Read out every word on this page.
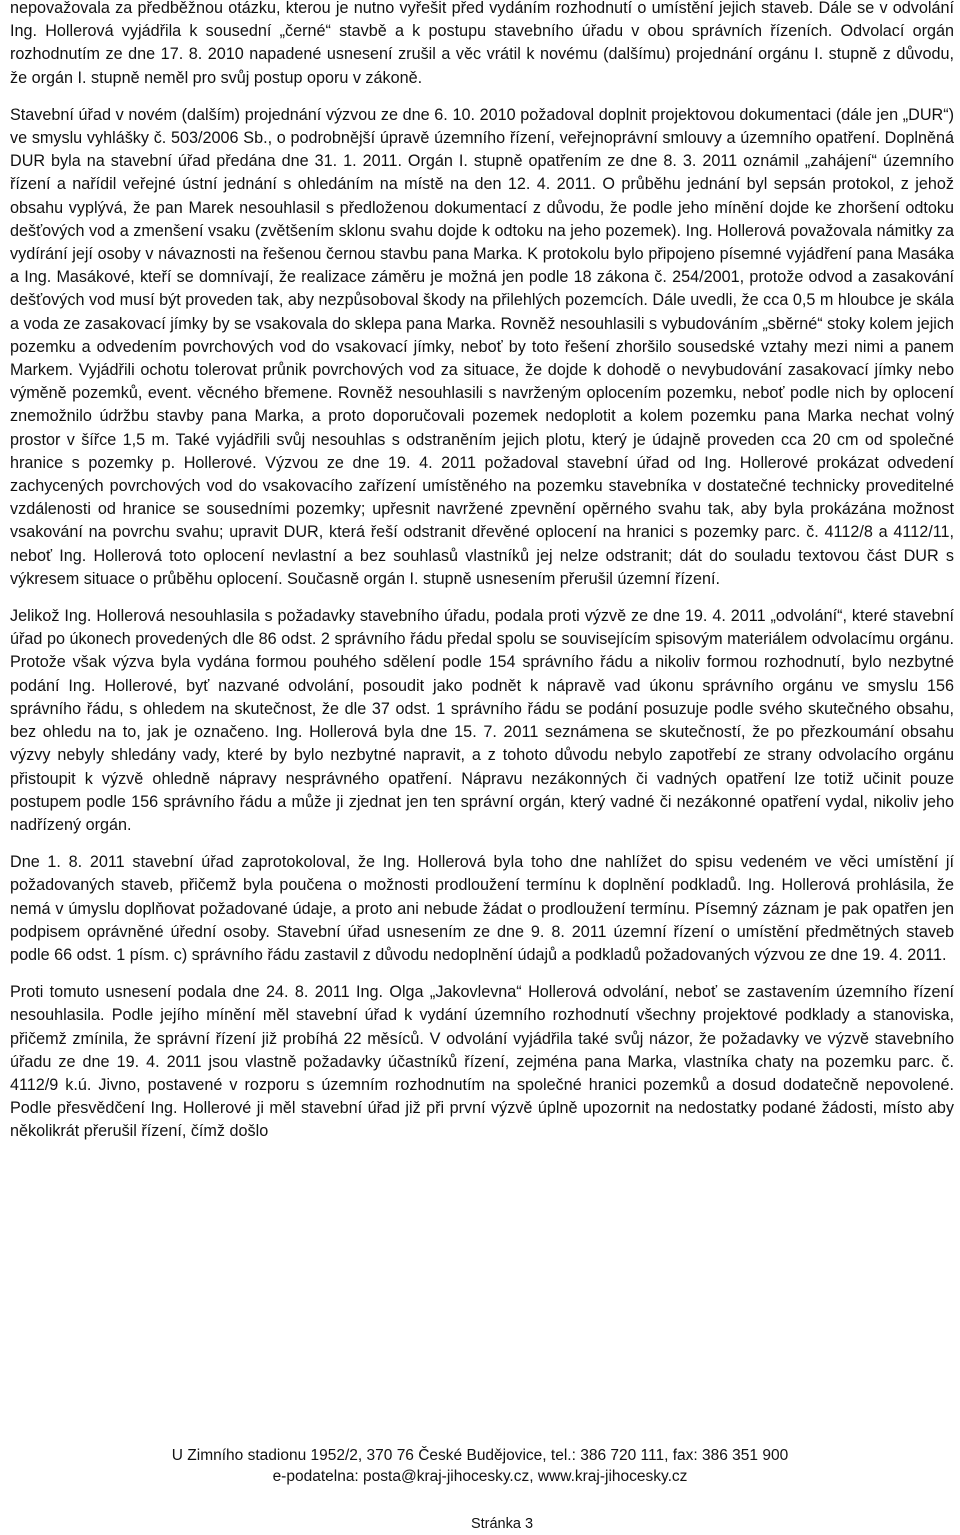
nepovažovala za předběžnou otázku, kterou je nutno vyřešit před vydáním rozhodnutí o umístění jejich staveb. Dále se v odvolání Ing. Hollerová vyjádřila k sousední „černé“ stavbě a k postupu stavebního úřadu v obou správních řízeních. Odvolací orgán rozhodnutím ze dne 17. 8. 2010 napadené usnesení zrušil a věc vrátil k novému (dalšímu) projednání orgánu I. stupně z důvodu, že orgán I. stupně neměl pro svůj postup oporu v zákoně.

Stavební úřad v novém (dalším) projednání výzvou ze dne 6. 10. 2010 požadoval doplnit projektovou dokumentaci (dále jen „DUR“) ve smyslu vyhlášky č. 503/2006 Sb., o podrobnější úpravě územního řízení, veřejnoprávní smlouvy a územního opatření. Doplněná DUR byla na stavební úřad předána dne 31. 1. 2011. Orgán I. stupně opatřením ze dne 8. 3. 2011 oznámil „zahájení“ územního řízení a nařídil veřejné ústní jednání s ohledáním na místě na den 12. 4. 2011. O průběhu jednání byl sepsán protokol, z jehož obsahu vyplývá, že pan Marek nesouhlasil s předloženou dokumentací z důvodu, že podle jeho mínění dojde ke zhoršení odtoku dešťových vod a zmenšení vsaku (zvětšením sklonu svahu dojde k odtoku na jeho pozemek). Ing. Hollerová považovala námitky za vydírání její osoby v návaznosti na řešenou černou stavbu pana Marka. K protokolu bylo připojeno písemné vyjádření pana Masáka a Ing. Masákové, kteří se domnívají, že realizace záměru je možná jen podle 18 zákona č. 254/2001, protože odvod a zasakování dešťových vod musí být proveden tak, aby nezpůsoboval škody na přilehlých pozemcích. Dále uvedli, že cca 0,5 m hloubce je skála a voda ze zasakovací jímky by se vsakovala do sklepa pana Marka. Rovněž nesouhlasili s vybudováním „sběrné“ stoky kolem jejich pozemku a odvedením povrchových vod do vsakovací jímky, neboť by toto řešení zhoršilo sousedské vztahy mezi nimi a panem Markem. Vyjádřili ochotu tolerovat průnik povrchových vod za situace, že dojde k dohodě o nevybudování zasakovací jímky nebo výměně pozemků, event. věcného břemene. Rovněž nesouhlasili s navrženým oplocením pozemku, neboť podle nich by oplocení znemožnilo údržbu stavby pana Marka, a proto doporučovali pozemek nedoplotit a kolem pozemku pana Marka nechat volný prostor v šířce 1,5 m. Také vyjádřili svůj nesouhlas s odstraněním jejich plotu, který je údajně proveden cca 20 cm od společné hranice s pozemky p. Hollerové. Výzvou ze dne 19. 4. 2011 požadoval stavební úřad od Ing. Hollerové prokázat odvedení zachycených povrchových vod do vsakovacího zařízení umístěného na pozemku stavebníka v dostatečné technicky proveditelné vzdálenosti od hranice se sousedními pozemky; upřesnit navržené zpevnění opěrného svahu tak, aby byla prokázána možnost vsakování na povrchu svahu; upravit DUR, která řeší odstranit dřevěné oplocení na hranici s pozemky parc. č. 4112/8 a 4112/11, neboť Ing. Hollerová toto oplocení nevlastní a bez souhlasů vlastníků jej nelze odstranit; dát do souladu textovou část DUR s výkresem situace o průběhu oplocení. Současně orgán I. stupně usnesením přerušil územní řízení.

Jelikož Ing. Hollerová nesouhlasila s požadavky stavebního úřadu, podala proti výzvě ze dne 19. 4. 2011 „odvolání“, které stavební úřad po úkonech provedených dle 86 odst. 2 správního řádu předal spolu se souvisejícím spisovým materiálem odvolacímu orgánu. Protože však výzva byla vydána formou pouhého sdělení podle 154 správního řádu a nikoliv formou rozhodnutí, bylo nezbytné podání Ing. Hollerové, byť nazvané odvolání, posoudit jako podnět k nápravě vad úkonu správního orgánu ve smyslu 156 správního řádu, s ohledem na skutečnost, že dle 37 odst. 1 správního řádu se podání posuzuje podle svého skutečného obsahu, bez ohledu na to, jak je označeno. Ing. Hollerová byla dne 15. 7. 2011 seznámena se skutečností, že po přezkoumání obsahu výzvy nebyly shledány vady, které by bylo nezbytné napravit, a z tohoto důvodu nebylo zapotřebí ze strany odvolacího orgánu přistoupit k výzvě ohledně nápravy nesprávného opatření. Nápravu nezákonných či vadných opatření lze totiž učinit pouze postupem podle 156 správního řádu a může ji zjednat jen ten správní orgán, který vadné či nezákonné opatření vydal, nikoliv jeho nadřízený orgán.

Dne 1. 8. 2011 stavební úřad zaprotokoloval, že Ing. Hollerová byla toho dne nahlížet do spisu vedeném ve věci umístění jí požadovaných staveb, přičemž byla poučena o možnosti prodloužení termínu k doplnění podkladů. Ing. Hollerová prohlásila, že nemá v úmyslu doplňovat požadované údaje, a proto ani nebude žádat o prodloužení termínu. Písemný záznam je pak opatřen jen podpisem oprávněné úřední osoby. Stavební úřad usnesením ze dne 9. 8. 2011 územní řízení o umístění předmětných staveb podle 66 odst. 1 písm. c) správního řádu zastavil z důvodu nedoplnění údajů a podkladů požadovaných výzvou ze dne 19. 4. 2011.

Proti tomuto usnesení podala dne 24. 8. 2011 Ing. Olga „Jakovlevna“ Hollerová odvolání, neboť se zastavením územního řízení nesouhlasila. Podle jejího mínění měl stavební úřad k vydání územního rozhodnutí všechny projektové podklady a stanoviska, přičemž zmínila, že správní řízení již probíhá 22 měsíců. V odvolání vyjádřila také svůj názor, že požadavky ve výzvě stavebního úřadu ze dne 19. 4. 2011 jsou vlastně požadavky účastníků řízení, zejména pana Marka, vlastníka chaty na pozemku parc. č. 4112/9 k.ú. Jivno, postavené v rozporu s územním rozhodnutím na společné hranici pozemků a dosud dodatečně nepovolené. Podle přesvědčení Ing. Hollerové ji měl stavební úřad již při první výzvě úplně upozornit na nedostatky podané žádosti, místo aby několikrát přerušil řízení, čímž došlo

U Zimního stadionu 1952/2, 370 76 České Budějovice, tel.: 386 720 111, fax: 386 351 900
e-podatelna: posta@kraj-jihocesky.cz, www.kraj-jihocesky.cz
Stránka 3
